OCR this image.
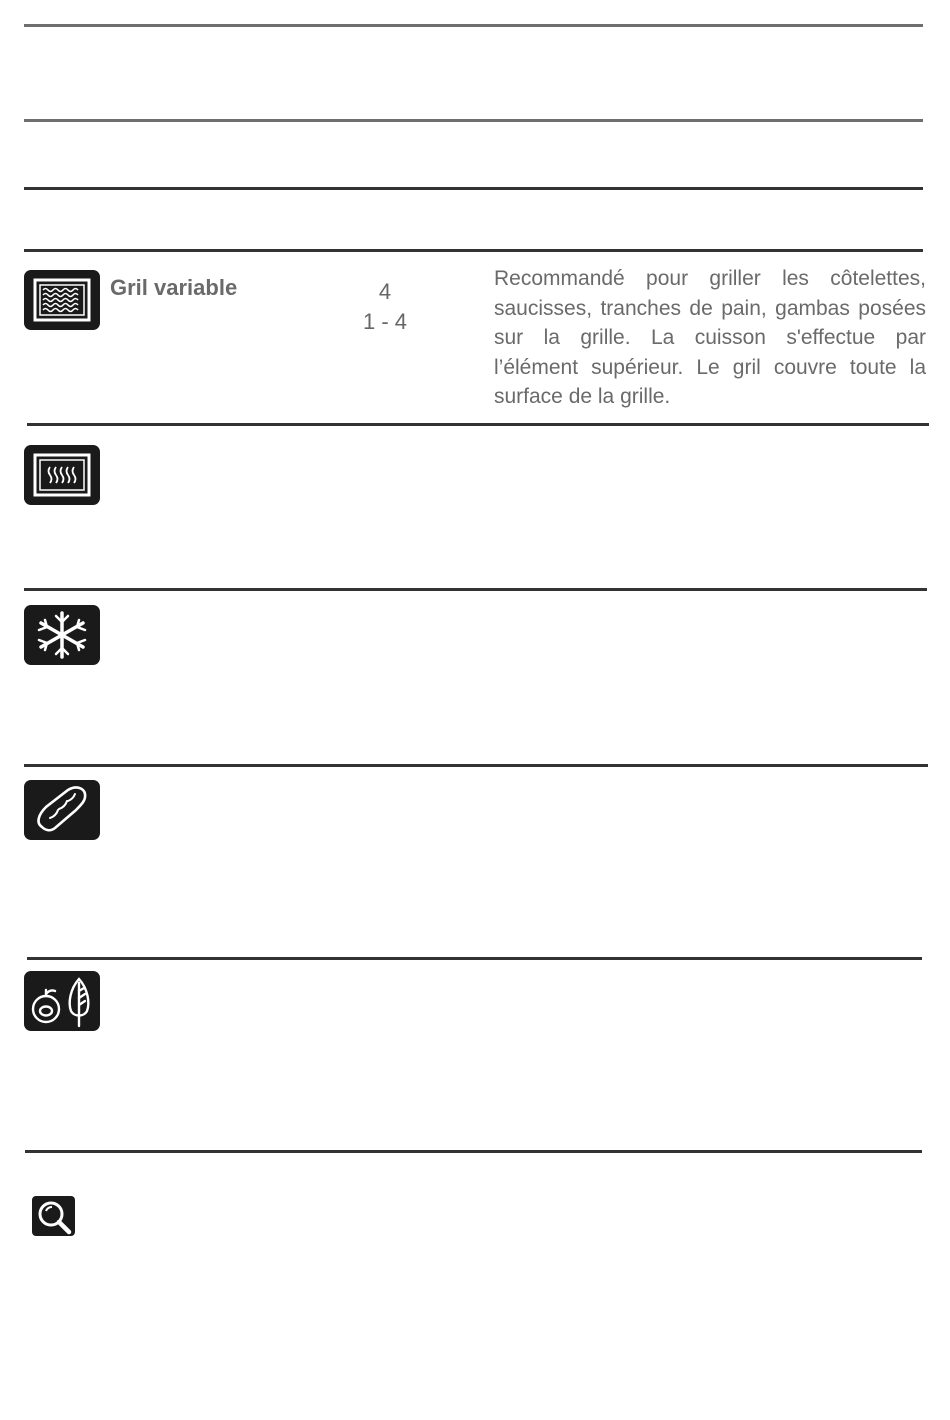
Gril variable	4
1 - 4
Recommandé pour griller les côtelettes, saucisses, tranches de pain, gambas posées sur la grille. La cuisson s'effectue par l’élément supérieur. Le gril couvre toute la surface de la grille.
